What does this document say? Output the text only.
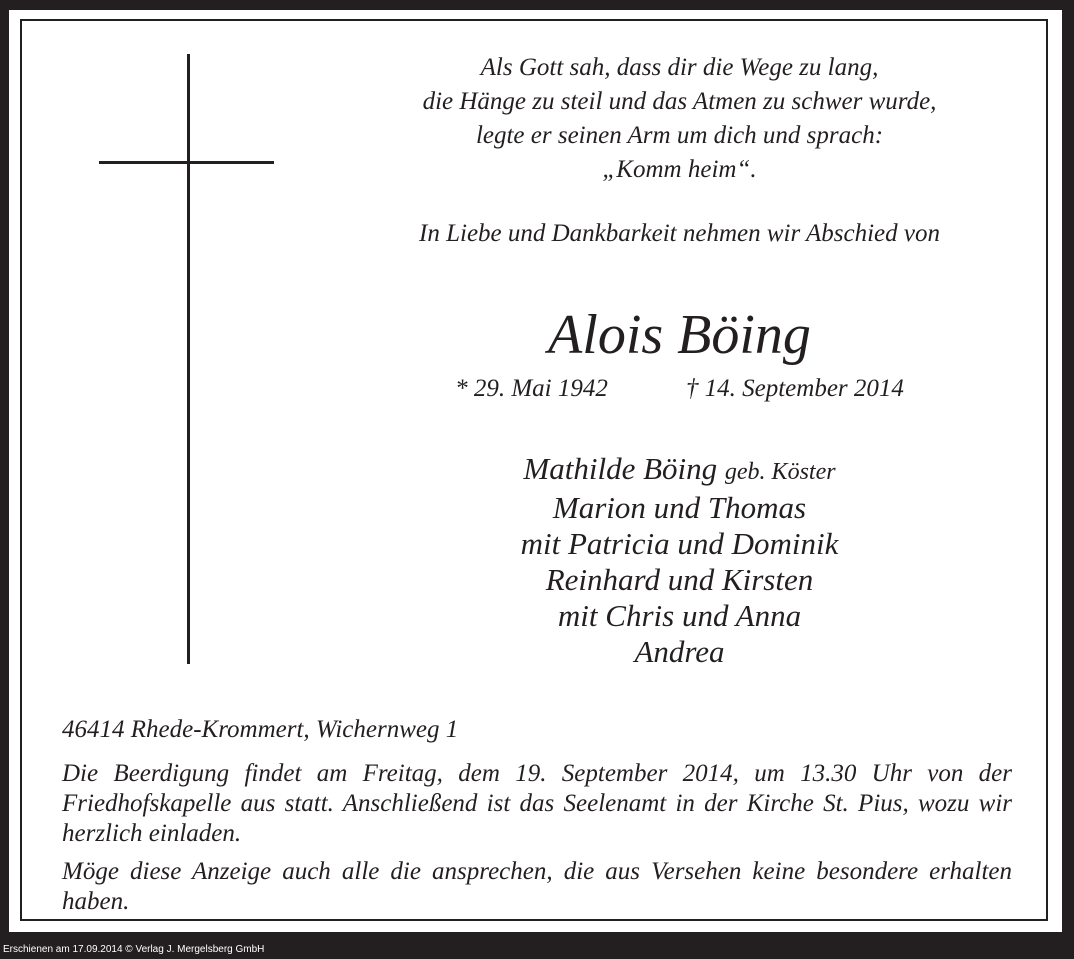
Als Gott sah, dass dir die Wege zu lang,
die Hänge zu steil und das Atmen zu schwer wurde,
legte er seinen Arm um dich und sprach:
„Komm heim“.
In Liebe und Dankbarkeit nehmen wir Abschied von
Alois Böing
* 29. Mai 1942	† 14. September 2014
Mathilde Böing geb. Köster
Marion und Thomas
mit Patricia und Dominik
Reinhard und Kirsten
mit Chris und Anna
Andrea
46414 Rhede-Krommert, Wichernweg 1
Die Beerdigung findet am Freitag, dem 19. September 2014, um 13.30 Uhr von der Friedhofskapelle aus statt. Anschließend ist das Seelenamt in der Kirche St. Pius, wozu wir herzlich einladen.
Möge diese Anzeige auch alle die ansprechen, die aus Versehen keine besondere erhalten haben.
Erschienen am 17.09.2014 © Verlag J. Mergelsberg GmbH
